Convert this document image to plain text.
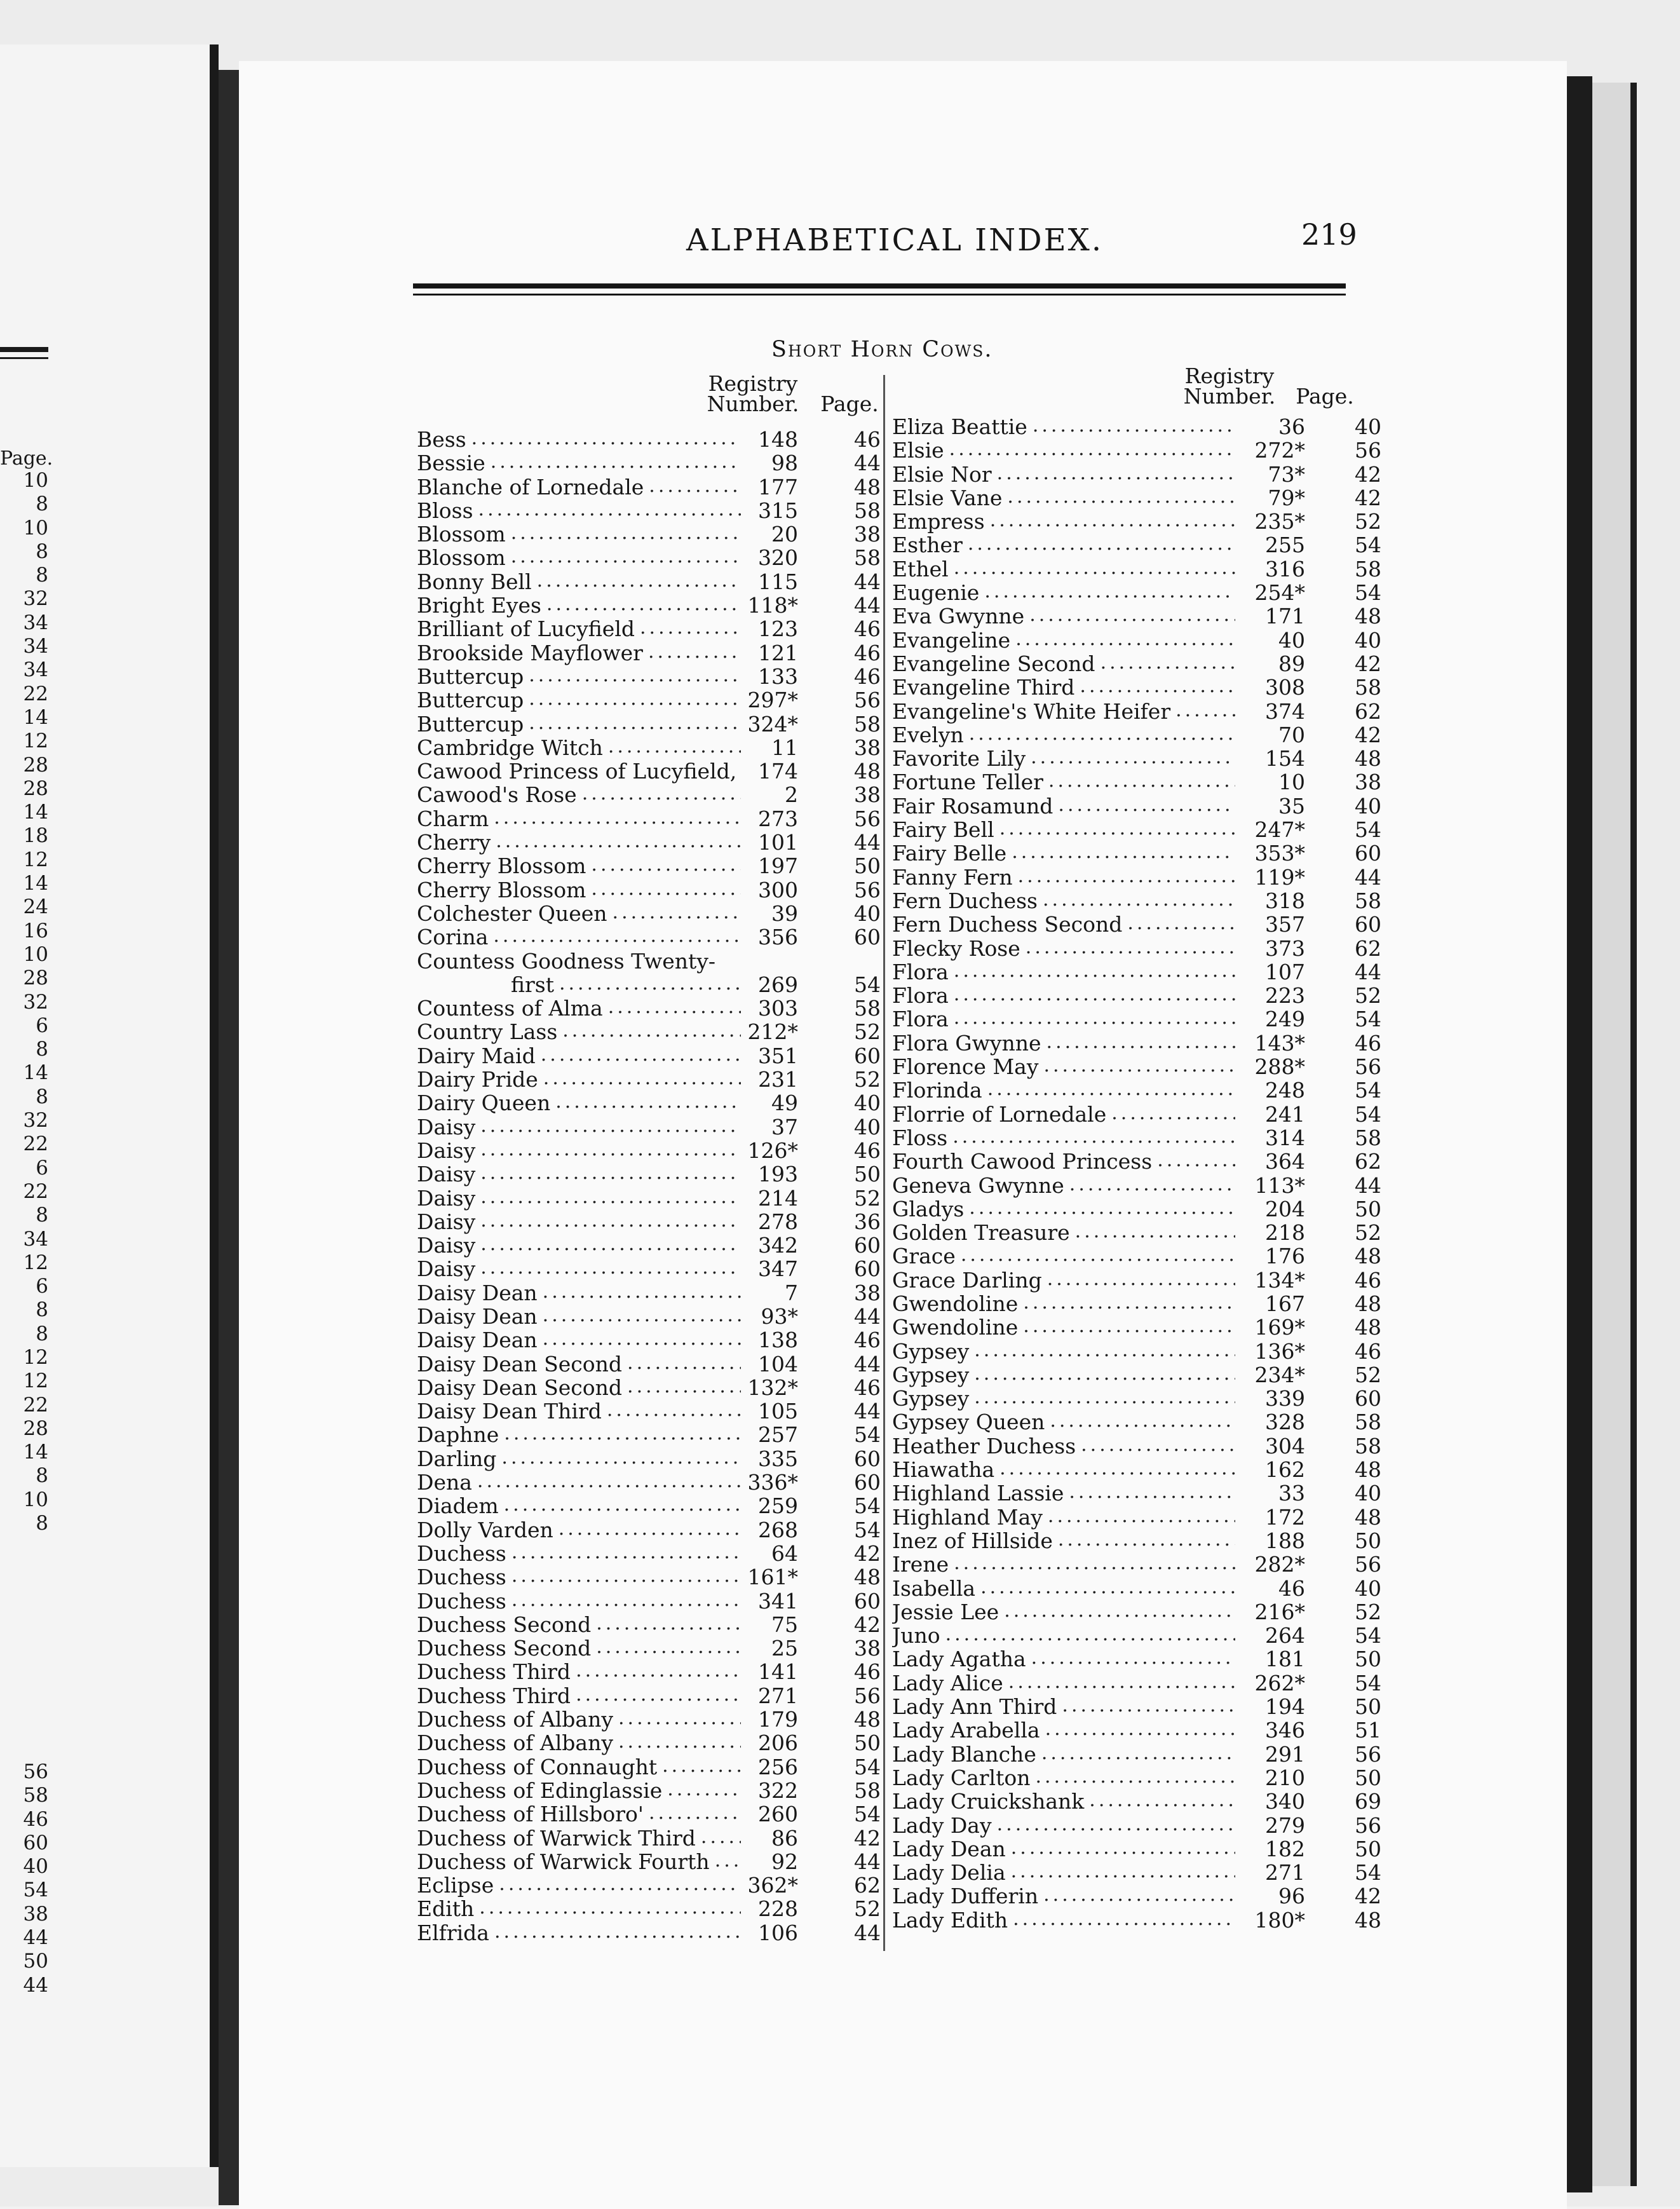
Page.
10
8
10
8
8
32
34
34
34
22
14
12
28
28
14
18
12
14
24
16
10
28
32
6
8
14
8
32
22
6
22
8
34
12
6
8
8
12
12
22
28
14
8
10
8
56
58
46
60
40
54
38
44
50
44
ALPHABETICAL INDEX.	219
Short Horn Cows.
Registry
Number.	Page.
Registry
Number. Page.
Bess .....	148	46
Bessie .....	98	44
Blanche of Lornedale .....	177	48
Bloss .....	315	58
Blossom .....	20	38
Blossom .....	320	58
Bonny Bell .....	115	44
Bright Eyes .....	118*	44
Brilliant of Lucyfield .....	123	46
Brookside Mayflower .....	121	46
Buttercup .....	133	46
Buttercup .....	297*	56
Buttercup .....	324*	58
Cambridge Witch .....	11	38
Cawood Princess of Lucyfield, .....	174	48
Cawood's Rose .....	2	38
Charm .....	273	56
Cherry .....	101	44
Cherry Blossom .....	197	50
Cherry Blossom .....	300	56
Colchester Queen .....	39	40
Corina .....	356	60
Countess Goodness Twenty-
first .....	269	54
Countess of Alma .....	303	58
Country Lass .....	212*	52
Dairy Maid .....	351	60
Dairy Pride .....	231	52
Dairy Queen .....	49	40
Daisy .....	37	40
Daisy .....	126*	46
Daisy .....	193	50
Daisy .....	214	52
Daisy .....	278	36
Daisy .....	342	60
Daisy .....	347	60
Daisy Dean .....	7	38
Daisy Dean .....	93*	44
Daisy Dean .....	138	46
Daisy Dean Second .....	104	44
Daisy Dean Second .....	132*	46
Daisy Dean Third .....	105	44
Daphne .....	257	54
Darling .....	335	60
Dena .....	336*	60
Diadem .....	259	54
Dolly Varden .....	268	54
Duchess .....	64	42
Duchess .....	161*	48
Duchess .....	341	60
Duchess Second .....	75	42
Duchess Second .....	25	38
Duchess Third .....	141	46
Duchess Third .....	271	56
Duchess of Albany .....	179	48
Duchess of Albany .....	206	50
Duchess of Connaught .....	256	54
Duchess of Edinglassie .....	322	58
Duchess of Hillsboro' .....	260	54
Duchess of Warwick Third .....	86	42
Duchess of Warwick Fourth .....	92	44
Eclipse .....	362*	62
Edith .....	228	52
Elfrida .....	106	44
Eliza Beattie .....	36	40
Elsie .....	272*	56
Elsie Nor .....	73*	42
Elsie Vane .....	79*	42
Empress .....	235*	52
Esther .....	255	54
Ethel .....	316	58
Eugenie .....	254*	54
Eva Gwynne .....	171	48
Evangeline .....	40	40
Evangeline Second .....	89	42
Evangeline Third .....	308	58
Evangeline's White Heifer .....	374	62
Evelyn .....	70	42
Favorite Lily .....	154	48
Fortune Teller .....	10	38
Fair Rosamund .....	35	40
Fairy Bell .....	247*	54
Fairy Belle .....	353*	60
Fanny Fern .....	119*	44
Fern Duchess .....	318	58
Fern Duchess Second .....	357	60
Flecky Rose .....	373	62
Flora .....	107	44
Flora .....	223	52
Flora .....	249	54
Flora Gwynne .....	143*	46
Florence May .....	288*	56
Florinda .....	248	54
Florrie of Lornedale .....	241	54
Floss .....	314	58
Fourth Cawood Princess .....	364	62
Geneva Gwynne .....	113*	44
Gladys .....	204	50
Golden Treasure .....	218	52
Grace .....	176	48
Grace Darling .....	134*	46
Gwendoline .....	167	48
Gwendoline .....	169*	48
Gypsey .....	136*	46
Gypsey .....	234*	52
Gypsey .....	339	60
Gypsey Queen .....	328	58
Heather Duchess .....	304	58
Hiawatha .....	162	48
Highland Lassie .....	33	40
Highland May .....	172	48
Inez of Hillside .....	188	50
Irene .....	282*	56
Isabella .....	46	40
Jessie Lee .....	216*	52
Juno .....	264	54
Lady Agatha .....	181	50
Lady Alice .....	262*	54
Lady Ann Third .....	194	50
Lady Arabella .....	346	51
Lady Blanche .....	291	56
Lady Carlton .....	210	50
Lady Cruickshank .....	340	69
Lady Day .....	279	56
Lady Dean .....	182	50
Lady Delia .....	271	54
Lady Dufferin .....	96	42
Lady Edith .....	180*	48
